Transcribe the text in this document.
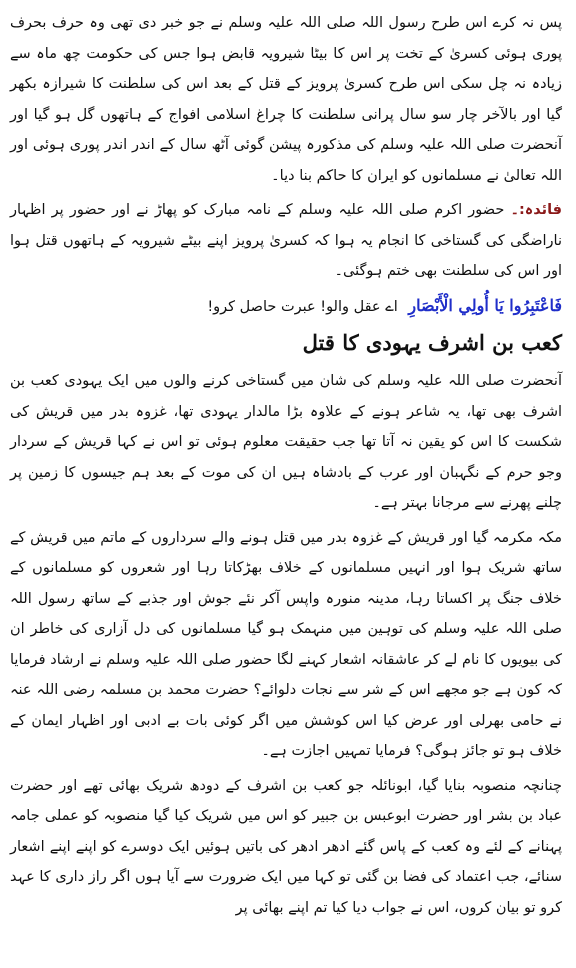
پس نہ کرے اس طرح رسول اللہ صلی اللہ علیہ وسلم نے جو خبر دی تھی وہ حرف بحرف پوری ہوئی کسریٰ کے تخت پر اس کا بیٹا شیرویہ قابض ہوا جس کی حکومت چھ ماہ سے زیادہ نہ چل سکی اس طرح کسریٰ پرویز کے قتل کے بعد اس کی سلطنت کا شیرازہ بکھر گیا اور بالآخر چار سو سال پرانی سلطنت کا چراغ اسلامی افواج کے ہاتھوں گل ہو گیا اور آنحضرت صلی اللہ علیہ وسلم کی مذکورہ پیشن گوئی آٹھ سال کے اندر اندر پوری ہوئی اور اللہ تعالیٰ نے مسلمانوں کو ایران کا حاکم بنا دیا۔

فائدہ:۔ حضور اکرم صلی اللہ علیہ وسلم کے نامہ مبارک کو پھاڑ نے اور حضور پر اظہار ناراضگی کی گستاخی کا انجام یہ ہوا کہ کسریٰ پرویز اپنے بیٹے شیرویہ کے ہاتھوں قتل ہوا اور اس کی سلطنت بھی ختم ہوگئی۔

فَاعْتَبِرُوا يَا أُولِي الْأَبْصَارِ اے عقل والو! عبرت حاصل کرو!

کعب بن اشرف یہودی کا قتل

آنحضرت صلی اللہ علیہ وسلم کی شان میں گستاخی کرنے والوں میں ایک یہودی کعب بن اشرف بھی تھا، یہ شاعر ہونے کے علاوہ بڑا مالدار یہودی تھا، غزوہ بدر میں قریش کی شکست کا اس کو یقین نہ آتا تھا جب حقیقت معلوم ہوئی تو اس نے کہا قریش کے سردار وجو حرم کے نگہبان اور عرب کے بادشاہ ہیں ان کی موت کے بعد ہم جیسوں کا زمین پر چلنے پھرنے سے مرجانا بہتر ہے۔

مکہ مکرمہ گیا اور قریش کے غزوہ بدر میں قتل ہونے والے سرداروں کے ماتم میں قریش کے ساتھ شریک ہوا اور انہیں مسلمانوں کے خلاف بھڑکاتا رہا اور شعروں کو مسلمانوں کے خلاف جنگ پر اکساتا رہا، مدینہ منورہ واپس آکر نئے جوش اور جذبے کے ساتھ رسول اللہ صلی اللہ علیہ وسلم کی توہین میں منہمک ہو گیا مسلمانوں کی دل آزاری کی خاطر ان کی بیویوں کا نام لے کر عاشقانہ اشعار کہنے لگا حضور صلی اللہ علیہ وسلم نے ارشاد فرمایا کہ کون ہے جو مجھے اس کے شر سے نجات دلوائے؟ حضرت محمد بن مسلمہ رضی اللہ عنہ نے حامی بھرلی اور عرض کیا اس کوشش میں اگر کوئی بات بے ادبی اور اظہار ایمان کے خلاف ہو تو جائز ہوگی؟ فرمایا تمہیں اجازت ہے۔

چنانچہ منصوبہ بنایا گیا، ابونائلہ جو کعب بن اشرف کے دودھ شریک بھائی تھے اور حضرت عباد بن بشر اور حضرت ابوعبس بن جبیر کو اس میں شریک کیا گیا منصوبہ کو عملی جامہ پہنانے کے لئے وہ کعب کے پاس گئے ادھر ادھر کی باتیں ہوئیں ایک دوسرے کو اپنے اپنے اشعار سنائے، جب اعتماد کی فضا بن گئی تو کہا میں ایک ضرورت سے آیا ہوں اگر راز داری کا عہد کرو تو بیان کروں، اس نے جواب دیا کیا تم اپنے بھائی پر
